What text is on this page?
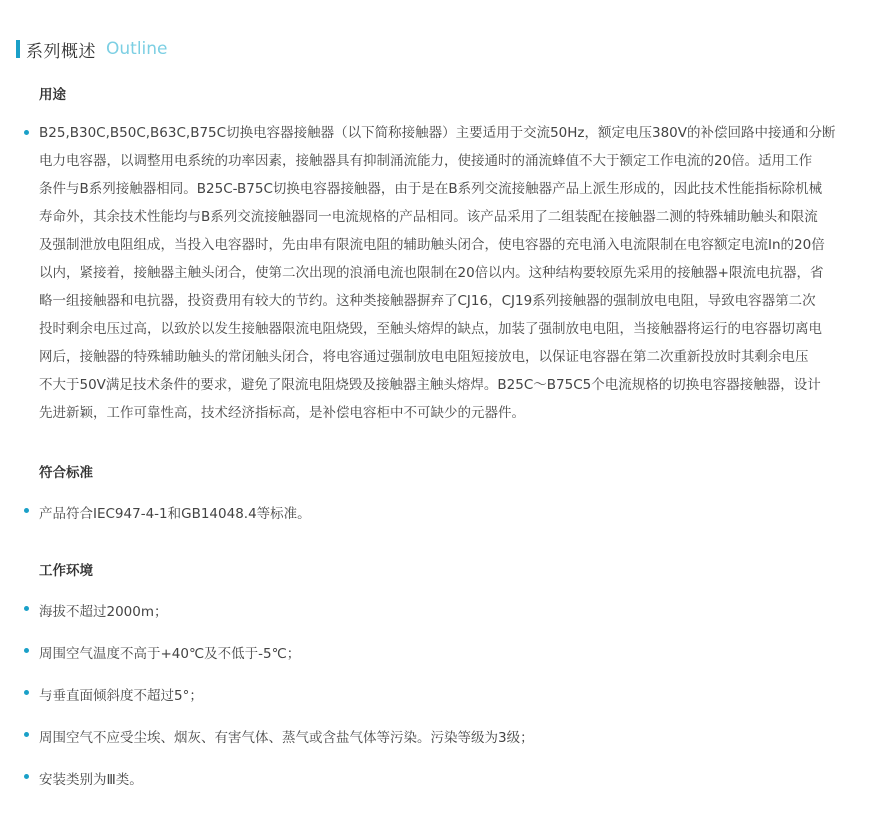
系列概述 Outline
用途
B25,B30C,B50C,B63C,B75C切换电容器接触器（以下简称接触器）主要适用于交流50Hz，额定电压380V的补偿回路中接通和分断
电力电容器，以调整用电系统的功率因素，接触器具有抑制涌流能力，使接通时的涌流蜂值不大于额定工作电流的20倍。适用工作
条件与B系列接触器相同。B25C-B75C切换电容器接触器，由于是在B系列交流接触器产品上派生形成的，因此技术性能指标除机械
寿命外，其余技术性能均与B系列交流接触器同一电流规格的产品相同。该产品采用了二组装配在接触器二测的特殊辅助触头和限流
及强制泄放电阻组成，当投入电容器时，先由串有限流电阻的辅助触头闭合，使电容器的充电涌入电流限制在电容额定电流In的20倍
以内，紧接着，接触器主触头闭合，使第二次出现的浪涌电流也限制在20倍以内。这种结构要较原先采用的接触器+限流电抗器，省
略一组接触器和电抗器，投资费用有较大的节约。这种类接触器摒弃了CJ16，CJ19系列接触器的强制放电电阻，导致电容器第二次
投时剩余电压过高，以致於以发生接触器限流电阻烧毁，至触头熔焊的缺点，加装了强制放电电阻，当接触器将运行的电容器切离电
网后，接触器的特殊辅助触头的常闭触头闭合，将电容通过强制放电电阻短接放电，以保证电容器在第二次重新投放时其剩余电压
不大于50V满足技术条件的要求，避免了限流电阻烧毁及接触器主触头熔焊。B25C～B75C5个电流规格的切换电容器接触器，设计
先进新颖，工作可靠性高，技术经济指标高，是补偿电容柜中不可缺少的元器件。
符合标准
产品符合IEC947-4-1和GB14048.4等标准。
工作环境
海拔不超过2000m；
周围空气温度不高于+40℃及不低于-5℃；
与垂直面倾斜度不超过5°；
周围空气不应受尘埃、烟灰、有害气体、蒸气或含盐气体等污染。污染等级为3级；
安装类别为Ⅲ类。
